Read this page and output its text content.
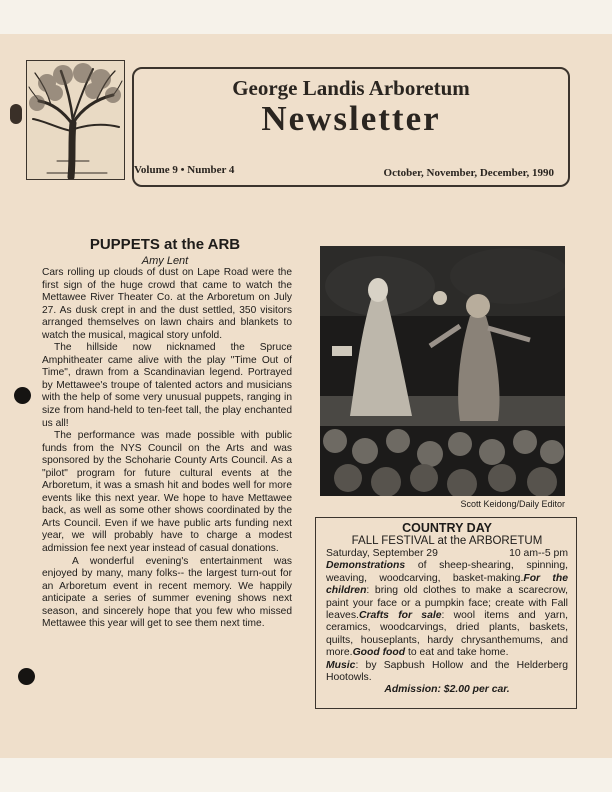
George Landis Arboretum
Newsletter
Volume 9 • Number 4	October, November, December, 1990
PUPPETS at the ARB
Amy Lent

Cars rolling up clouds of dust on Lape Road were the first sign of the huge crowd that came to watch the Mettawee River Theater Co. at the Arboretum on July 27. As dusk crept in and the dust settled, 350 visitors arranged themselves on lawn chairs and blankets to watch the musical, magical story unfold.

The hillside now nicknamed the Spruce Amphitheater came alive with the play "Time Out of Time", drawn from a Scandinavian legend. Portrayed by Mettawee's troupe of talented actors and musicians with the help of some very unusual puppets, ranging in size from hand-held to ten-feet tall, the play enchanted us all!

The performance was made possible with public funds from the NYS Council on the Arts and was sponsored by the Schoharie County Arts Council. As a "pilot" program for future cultural events at the Arboretum, it was a smash hit and bodes well for more events like this next year. We hope to have Mettawee back, as well as some other shows coordinated by the Arts Council. Even if we have public arts funding next year, we will probably have to charge a modest admission fee next year instead of casual donations.

A wonderful evening's entertainment was enjoyed by many, many folks-- the largest turn-out for an Arboretum event in recent memory. We happily anticipate a series of summer evening shows next season, and sincerely hope that you few who missed Mettawee this year will get to see them next time.

Scott Keidong/Daily Editor
COUNTRY DAY
FALL FESTIVAL at the ARBORETUM
Saturday, September 29	10 am--5 pm
Demonstrations of sheep-shearing, spinning, weaving, woodcarving, basket-making.For the children: bring old clothes to make a scarecrow, paint your face or a pumpkin face; create with Fall leaves.Crafts for sale: wool items and yarn, ceramics, woodcarvings, dried plants, baskets, quilts, houseplants, hardy chrysanthemums, and more.Good food to eat and take home.
Music: by Sapbush Hollow and the Helderberg Hootowls.
Admission: $2.00 per car.
